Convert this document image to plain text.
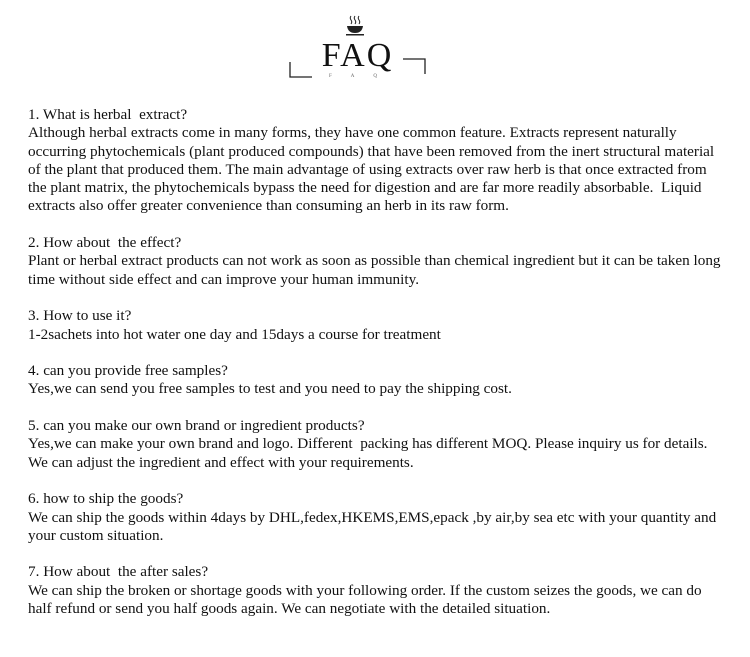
FAQ
F A Q
1. What is herbal  extract?
Although herbal extracts come in many forms, they have one common feature. Extracts represent naturally occurring phytochemicals (plant produced compounds) that have been removed from the inert structural material of the plant that produced them. The main advantage of using extracts over raw herb is that once extracted from the plant matrix, the phytochemicals bypass the need for digestion and are far more readily absorbable.  Liquid extracts also offer greater convenience than consuming an herb in its raw form.
2. How about  the effect?
Plant or herbal extract products can not work as soon as possible than chemical ingredient but it can be taken long time without side effect and can improve your human immunity.
3. How to use it?
1-2sachets into hot water one day and 15days a course for treatment
4. can you provide free samples?
Yes,we can send you free samples to test and you need to pay the shipping cost.
5. can you make our own brand or ingredient products?
Yes,we can make your own brand and logo. Different  packing has different MOQ. Please inquiry us for details. We can adjust the ingredient and effect with your requirements.
6. how to ship the goods?
We can ship the goods within 4days by DHL,fedex,HKEMS,EMS,epack ,by air,by sea etc with your quantity and your custom situation.
7. How about  the after sales?
We can ship the broken or shortage goods with your following order. If the custom seizes the goods, we can do half refund or send you half goods again. We can negotiate with the detailed situation.
